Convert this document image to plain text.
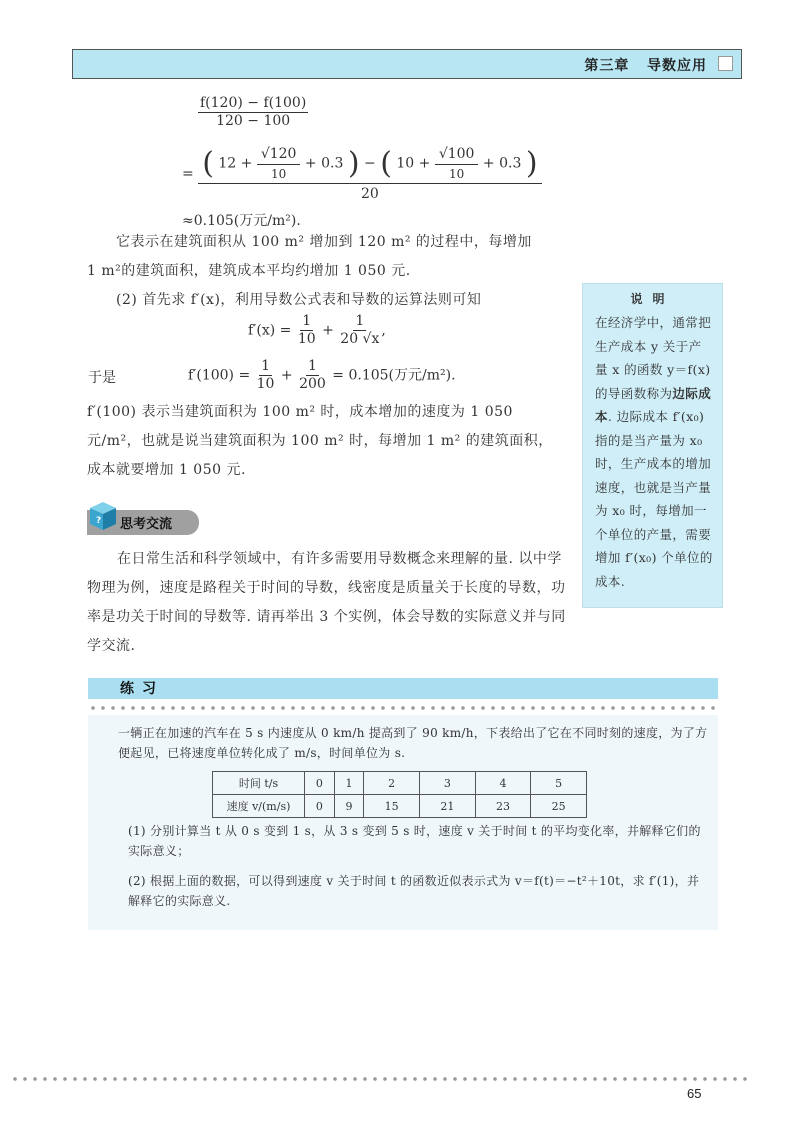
第三章 导数应用
$\frac{f(120) - f(100)}{120 - 100}$
= ( $12 + \frac{√120}{10} + 0.3$ ) − ( $10 + \frac{√100}{10} + 0.3$ )
20
≈0.105(万元/m²).
它表示在建筑面积从 100 m² 增加到 120 m² 的过程中，每增加
1 m²的建筑面积，建筑成本平均约增加 1 050 元.
(2) 首先求 f′(x)，利用导数公式表和导数的运算法则可知
$f'(x) = \frac{1}{10} + \frac{1}{20 √x}$ ,
于是	$f'(100) = \frac{1}{10} + \frac{1}{200} = 0.105$(万元/m²).
f′(100) 表示当建筑面积为 100 m² 时，成本增加的速度为 1 050 元/m²，也就是说当建筑面积为 100 m² 时，每增加 1 m² 的建筑面积，成本就要增加 1 050 元.
说明
在经济学中，通常把生产成本 y 关于产量 x 的函数 y＝f(x) 的导函数称为边际成本. 边际成本 f′(x₀) 指的是当产量为 x₀ 时，生产成本的增加速度，也就是当产量为 x₀ 时，每增加一个单位的产量，需要增加 f′(x₀) 个单位的成本.
? 思考交流
在日常生活和科学领域中，有许多需要用导数概念来理解的量. 以中学物理为例，速度是路程关于时间的导数，线密度是质量关于长度的导数，功率是功关于时间的导数等. 请再举出 3 个实例，体会导数的实际意义并与同学交流.
练习
一辆正在加速的汽车在 5 s 内速度从 0 km/h 提高到了 90 km/h，下表给出了它在不同时刻的速度，为了方便起见，已将速度单位转化成了 m/s，时间单位为 s.
时间 t/s	0	1	2	3	4	5
速度 v/(m/s)	0	9	15	21	23	25
(1) 分别计算当 t 从 0 s 变到 1 s，从 3 s 变到 5 s 时，速度 v 关于时间 t 的平均变化率，并解释它们的实际意义；
(2) 根据上面的数据，可以得到速度 v 关于时间 t 的函数近似表示式为 v＝f(t)＝−t²＋10t，求 f′(1)，并解释它的实际意义.
65
